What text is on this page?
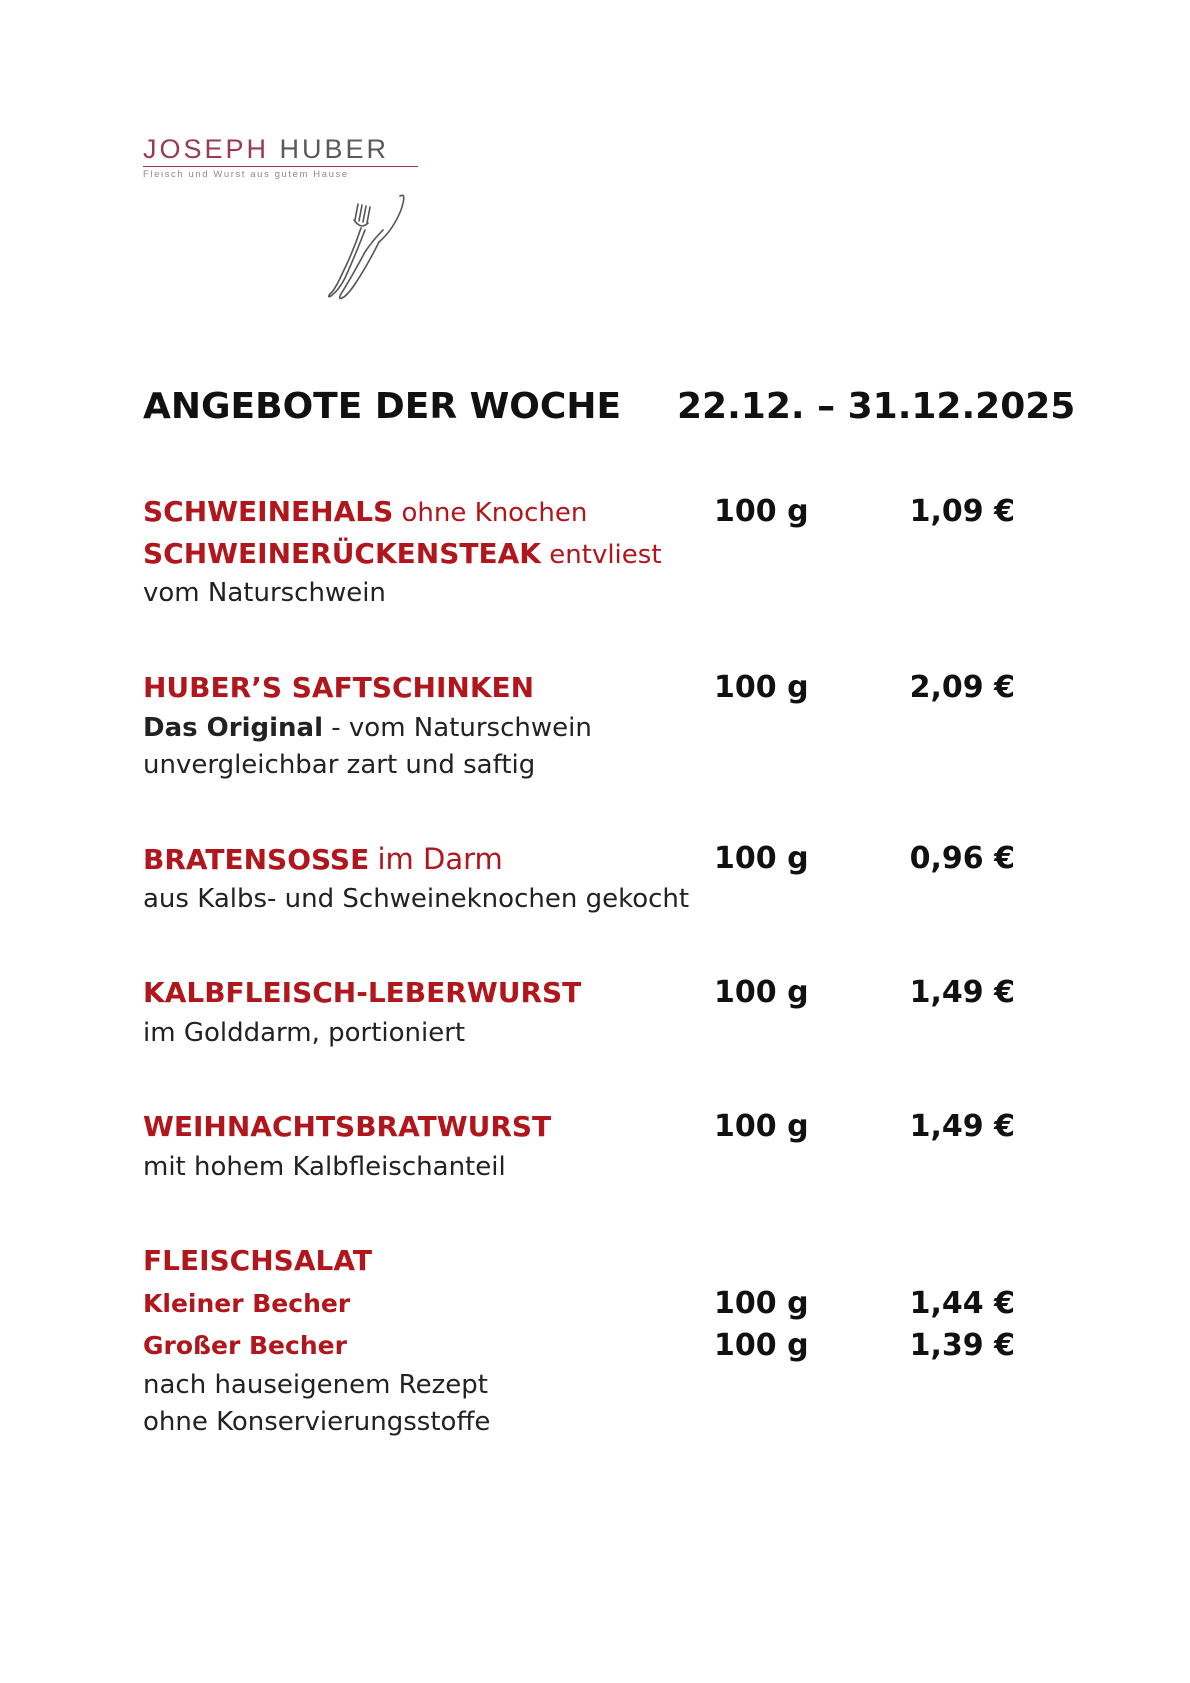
JOSEPH HUBER
Fleisch und Wurst aus gutem Hause
ANGEBOTE DER WOCHE 22.12. – 31.12.2025
SCHWEINEHALS ohne Knochen	100 g	1,09 €
SCHWEINERÜCKENSTEAK entvliest
vom Naturschwein
HUBER’S SAFTSCHINKEN	100 g	2,09 €
Das Original - vom Naturschwein
unvergleichbar zart und saftig
BRATENSOSSE im Darm	100 g	0,96 €
aus Kalbs- und Schweineknochen gekocht
KALBFLEISCH-LEBERWURST	100 g	1,49 €
im Golddarm, portioniert
WEIHNACHTSBRATWURST	100 g	1,49 €
mit hohem Kalbfleischanteil
FLEISCHSALAT
Kleiner Becher	100 g	1,44 €
Großer Becher	100 g	1,39 €
nach hauseigenem Rezept
ohne Konservierungsstoffe
